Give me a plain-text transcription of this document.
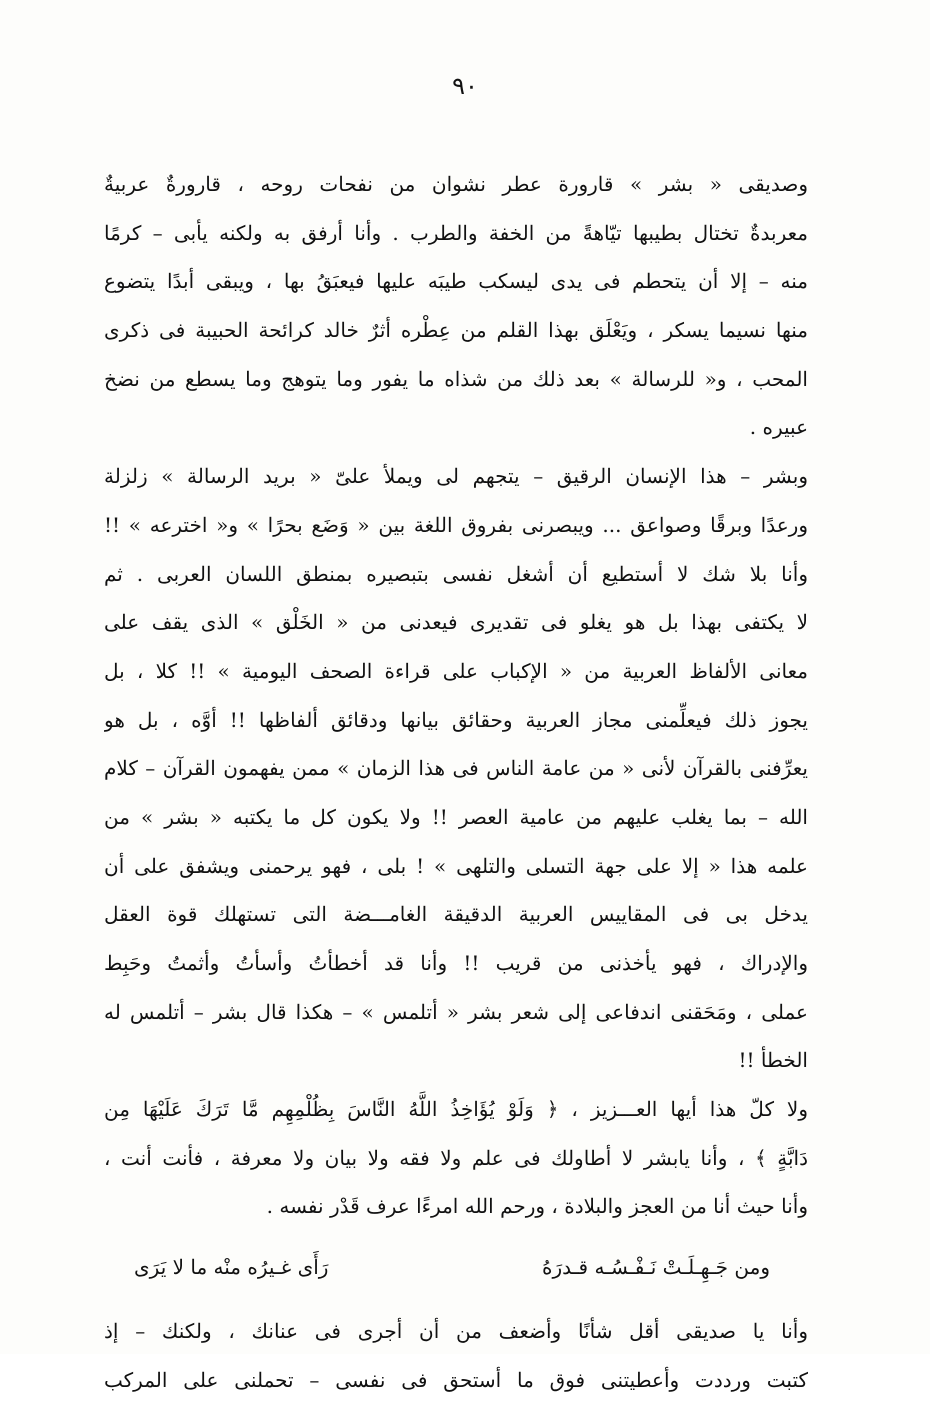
٩٠
وصديقى « بشر » قارورة عطر نشوان من نفحات روحه ، قارورةٌ عربيةٌ
معربدةٌ تختال بطيبها تيّاهةً من الخفة والطرب . وأنا أرفق به ولكنه يأبى – كرمًا
منه – إلا أن يتحطم فى يدى ليسكب طيبَه عليها فيعبَقُ بها ، ويبقى أبدًا يتضوع
منها نسيما يسكر ، ويَعْلَق بهذا القلم من عِطْره أثرٌ خالد كرائحة الحبيبة فى ذكرى
المحب ، و« للرسالة » بعد ذلك من شذاه ما يفور وما يتوهج وما يسطع من نضخ
عبيره .
وبشر – هذا الإنسان الرقيق – يتجهم لى ويملأ علىّ « بريد الرسالة » زلزلة
ورعدًا وبرقًا وصواعق ... ويبصرنى بفروق اللغة بين « وَضَع بحرًا » و« اخترعه » !!
وأنا بلا شك لا أستطيع أن أشغل نفسى بتبصيره بمنطق اللسان العربى . ثم
لا يكتفى بهذا بل هو يغلو فى تقديرى فيعدنى من « الخَلْق » الذى يقف على
معانى الألفاظ العربية من « الإكباب على قراءة الصحف اليومية » !! كلا ، بل
يجوز ذلك فيعلِّمنى مجاز العربية وحقائق بيانها ودقائق ألفاظها !! أوَّه ، بل هو
يعرِّفنى بالقرآن لأنى « من عامة الناس فى هذا الزمان » ممن يفهمون القرآن – كلام
الله – بما يغلب عليهم من عامية العصر !! ولا يكون كل ما يكتبه « بشر » من
علمه هذا « إلا على جهة التسلى والتلهى » ! بلى ، فهو يرحمنى ويشفق على أن
يدخل بى فى المقاييس العربية الدقيقة الغامـــضة التى تستهلك قوة العقل
والإدراك ، فهو يأخذنى من قريب !! وأنا قد أخطأتُ وأسأتُ وأثمتُ وحَبِط
عملى ، ومَحَقنى اندفاعى إلى شعر بشر « أتلمس » – هكذا قال بشر – أتلمس له
الخطأ !!
ولا كلّ هذا أيها العـــزيز ، ﴿ وَلَوْ يُؤَاخِذُ اللَّهُ النَّاسَ بِظُلْمِهِم مَّا تَرَكَ عَلَيْهَا مِن
دَابَّةٍ ﴾ ، وأنا يابشر لا أطاولك فى علم ولا فقه ولا بيان ولا معرفة ، فأنت أنت ،
وأنا حيث أنا من العجز والبلادة ، ورحم الله امرءًا عرف قَدْر نفسه .
ومن جَـهِـلَـتْ نَـفْـسُـه قـدرَهُ
رَأَى غـيرُه منْه ما لا يَرَى
وأنا يا صديقى أقل شأنًا وأضعف من أن أجرى فى عنانك ، ولكنك – إذ
كتبت ورددت وأعطيتنى فوق ما أستحق فى نفسى – تحملنى على المركب
